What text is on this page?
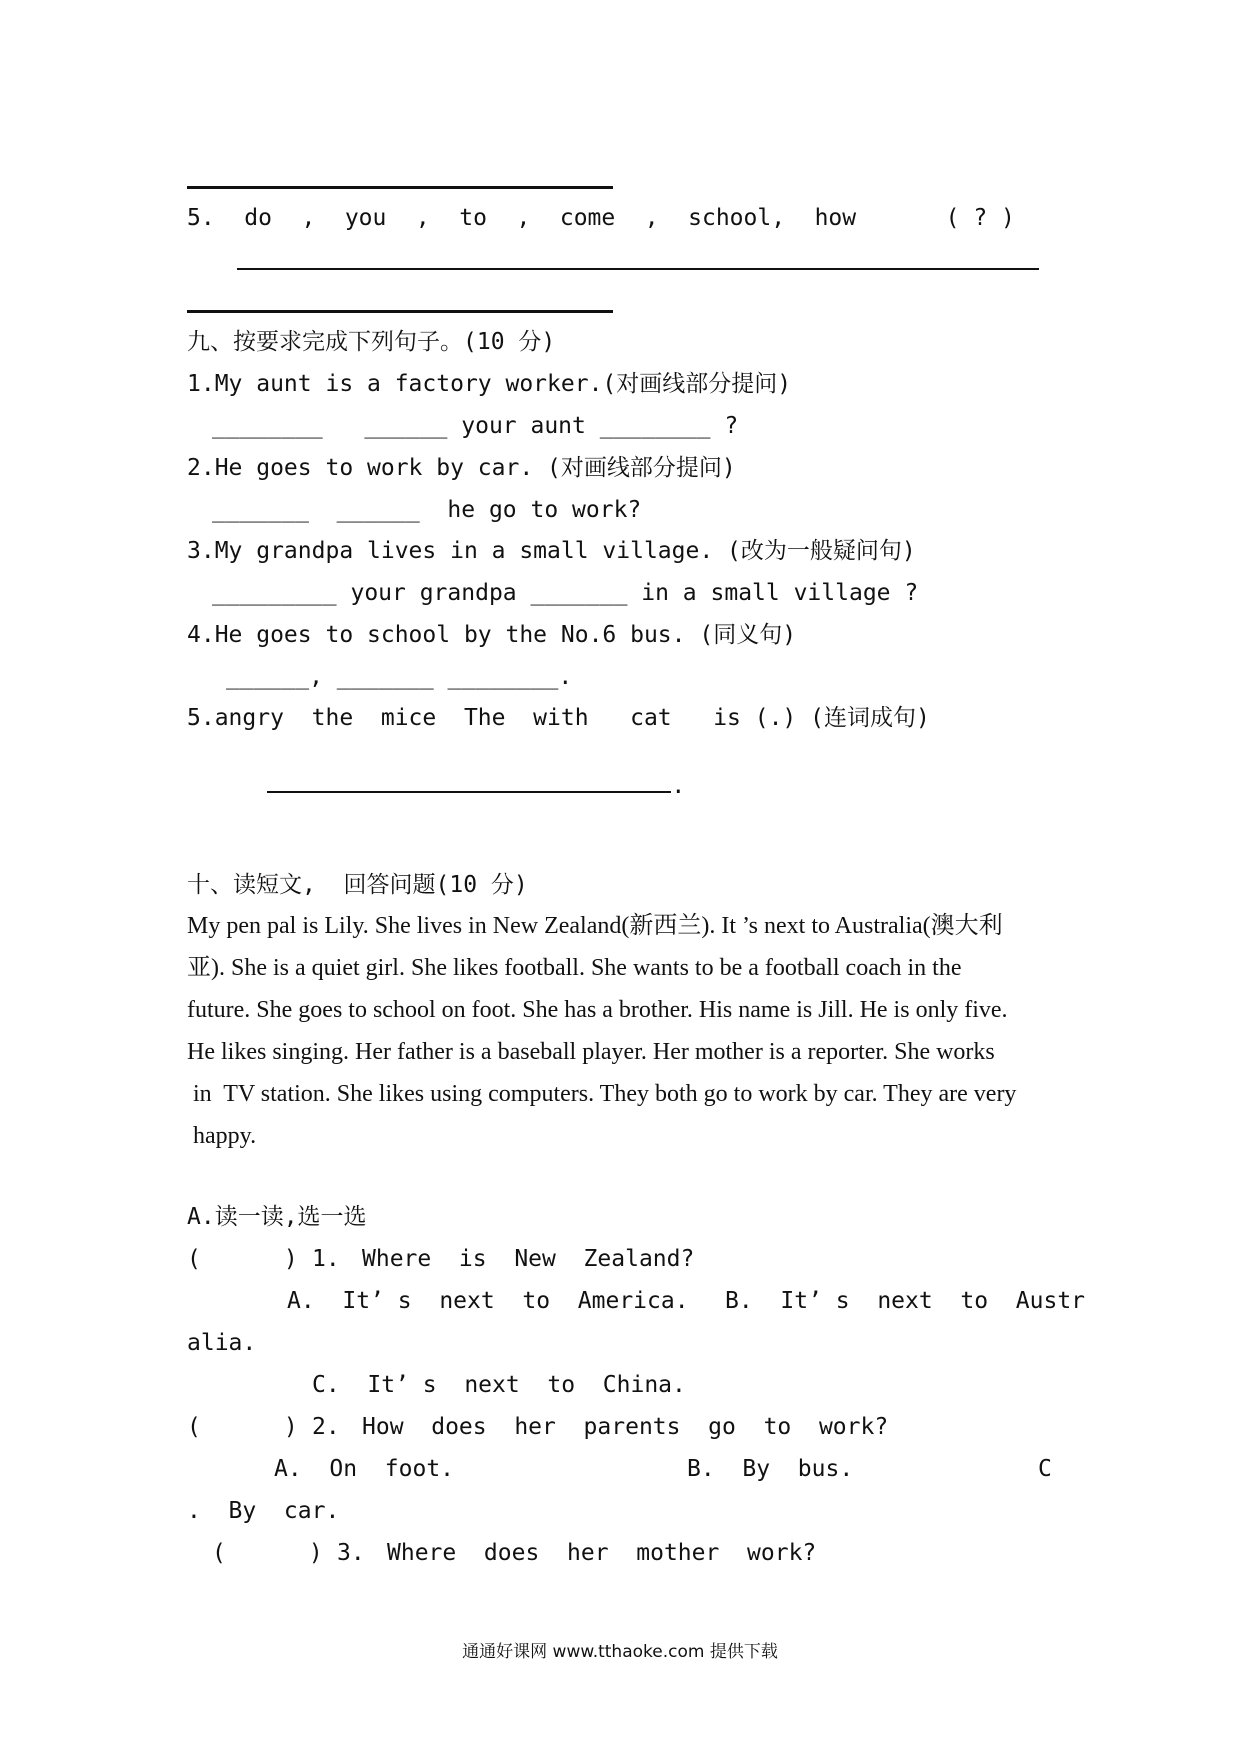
5. do , you , to , come , school, how	( ? )
九、按要求完成下列句子。(10 分)
1.My aunt is a factory worker.(对画线部分提问)
________   ______ your aunt ________ ?
2.He goes to work by car. (对画线部分提问)
_______  ______  he go to work?
3.My grandpa lives in a small village. (改为一般疑问句)
_________ your grandpa _______ in a small village ?
4.He goes to school by the No.6 bus. (同义句)
______, _______ ________.
5.angry  the  mice  The  with   cat   is (.) (连词成句)

.

十、读短文,  回答问题(10 分)
My pen pal is Lily. She lives in New Zealand(新西兰). It ’s next to Australia(澳大利
亚). She is a quiet girl. She likes football. She wants to be a football coach in the
future. She goes to school on foot. She has a brother. His name is Jill. He is only five.
He likes singing. Her father is a baseball player. Her mother is a reporter. She works
in  TV station. She likes using computers. They both go to work by car. They are very
happy.
A.读一读,选一选
(      ) 1. Where  is  New  Zealand?
A.  It’ s  next  to  America. B.  It’ s  next  to  Austr
alia.
C.  It’ s  next  to  China.
(      ) 2. How  does  her  parents  go  to  work?
A.  On  foot.	B.  By  bus.	C
.  By  car.
(      ) 3. Where  does  her  mother  work?
通通好课网 www.tthaoke.com 提供下载
